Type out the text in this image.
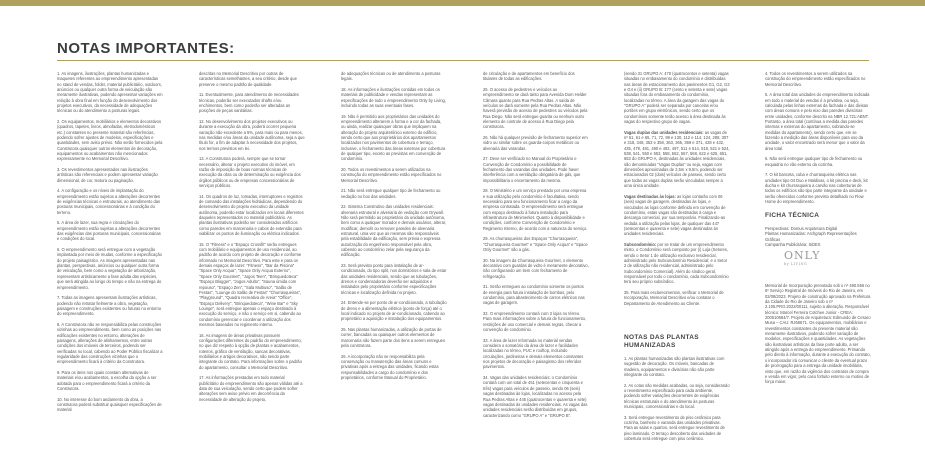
NOTAS IMPORTANTES:

1. As imagens, ilustrações, plantas humanizadas e maquetes referentes ao empreendimento apresentadas no stand de vendas, folder, material publicitário, outdoors, anúncios ou qualquer outra forma de veiculação são meramente ilustrativas, podendo apresentar variações em relação à obra final em função do desenvolvimento dos projetos executivos, da necessidade de adequações técnicas ou do atendimento a posturas legais.

2. Os equipamentos, mobiliários e elementos decorativos (quadros, tapetes, livros, almofadas, eletrodomésticos etc.) constantes no presente material são referências, podendo sofrer ajustes de modelos, especificações e quantidades, sem aviso prévio. Não serão fornecidos pela Construtora quaisquer outros elementos de decoração, equipamentos ou acabamentos não mencionados expressamente no Memorial Descritivo.

3. Os revestimentos apresentados nas ilustrações artísticas são referenciais e podem apresentar variação dimensional, de cor, textura ou paginação.

4. A configuração e os níveis de implantação do empreendimento estão sujeitos a alterações decorrentes de exigências técnicas e estruturais, ao atendimento das posturas municipais, concessionárias e à condição do terreno.

5. A área de lazer, sua regra e circulações do empreendimento estão sujeitas a alterações decorrentes das exigências das posturas municipais, concessionárias e condições do local.

6. O empreendimento será entregue com a vegetação implantada por meio de mudas, conforme a especificação do projeto paisagístico. As imagens apresentadas nas plantas, perspectivas, anúncios ou qualquer outra forma de veiculação, bem como a vegetação de arborização, representam artisticamente a fase adulta das espécies, que será atingida ao longo do tempo e não na entrega do empreendimento.

7. Todas as imagens apresentam ilustrações artísticas, podendo não retratar fielmente a obra, vegetação, paisagem e construções existentes ou futuras no entorno do empreendimento.

8. A Construtora não se responsabiliza pelas construções vizinhas ao empreendimento, bem como as posições nas edificações existentes no entorno, alterações de paisagens, alterações de alinhamentos, entre outras condições dos imóveis de terceiros, podendo ser verificadas no local, cabendo ao Poder Público fiscalizar a regularidade das construções vizinhas que o empreendimento ficará à critério da Construtora.

9. Para os itens nos quais constam alternativas de materiais e/ou acabamentos, a escolha da opção a ser adotada para o empreendimento ficará a critério da Construtora.

10. No interesse do bom andamento da obra, a construtora poderá substituir quaisquer especificações de material

descritas no Memorial Descritivo por outras de características semelhantes, a seu critério, desde que preserve o mesmo padrão de qualidade.

11. Eventualmente, para atendimento de necessidades técnicas, poderão ser executados shafts e/ou enchimentos, bem como poderão ser alteradas as posições de peças sanitárias.

12. No desenvolvimento dos projetos executivos ou durante a execução da obra, poderá ocorrer pequena variação não excedente a 5%, para mais ou para menos, nas medidas e/ou áreas da unidade autônoma, seja a que título for, a fim de adaptar à necessidade dos projetos, nos termos previstos em lei.

13. A Construtora poderá, sempre que se tornar necessário, alterar o projeto executivo do imóvel, em razão de imposição de boas normas técnicas de execução da obra ou de determinação ou exigência dos órgãos públicos ou de empresas concessionárias de serviços públicos.

14. Os quadros de luz, tomadas, interruptores e registros de comando das instalações hidráulicas, dependendo do desenvolvimento do projeto executivo da unidade autônoma, poderão estar localizados em locais diferentes daqueles representados no material publicitário. As plantas ilustrativas poderão ser considerados artifícios como paredes em marcenaria e cabos de extensão para viabilizar os pontos de iluminação ou elétrica indicados.

15. O "Fitness" e o "Espaço Crossfit" serão entregues com mobiliário e equipamentos de uso residencial, ao padrão de acordo com projeto de decoração e conforme informado no Memorial Descritivo. Para este e para os demais espaços de lazer: "Fitness", "Bar da Piscina" "Space Only Acqua", "Space Only Acqua Externo", "Space Only Gourmet", "Jogos Teen", "Brinquedoteca" "Espaço Blogger", "Jogos Adulto", "Sauna úmida com repouso", "Espaço Zen", "Sala Multiuso", "Salão de Festas", "Lounge do Salão de Festas" "Churrasqueiras", "Playground", "Quadra recreativa de Areia" "Office", "Espaço Delivery", "Brinquedoteca", "Wine Bar" e "Sky Lounge", será entregue apenas o espaço destinado à execução do serviço, e não o serviço em si, cabendo ao condomínio gerenciar e coordenar a utilização dos mesmos baseados no regimento interno.

16. As imagens de áreas privativas possuem configurações diferentes do padrão do empreendimento, no que diz respeito à opção de plantas e acabamentos, roteiros, gráfico de ventilação, sancas decorativas, mobiliários e artigos decorativos, não sendo parte integrante do contrato. Para informações sobre o padrão do apartamento, consultar o Memorial Descritivo.

17. As informações prestadas em todo material publicitário do empreendimento são apenas válidas até a data de sua veiculação, sendo certo que podem sofrer alterações sem aviso prévio em decorrência da necessidade de alteração do projeto,

de adequações técnicas ou de atendimento a posturas legais.

18. As informações e ilustrações contidas em todos os materiais de publicidade e vendas representam as especificações de todo o empreendimento Only by Living, incluindo todas as suas eventuais fases.

19. Não é permitido aos proprietários das unidades do empreendimento alterarem a forma e a cor da fachada, ou ainda, realizar quaisquer obras que impliquem na alteração do projeto arquitetônico externo do edifício, sendo certo que aos proprietários dos apartamentos localizados nos pavimentos de cobertura e terraço, inclusive, o fechamento das áreas externas por cobertura de qualquer tipo, exceto as previstas em convenção de condomínio.

20. Todos os revestimentos a serem utilizados na construção do empreendimento estão especificados no Memorial Descritivo.

21. Não será entregue qualquer tipo de fechamento ou vedação no box das unidades.

22. Sistema Construtivo das unidades residenciais: alvenaria estrutural e alvenaria de vedação com Drywall. Não será permitido ao proprietário da unidade autônoma, bem como a qualquer morador e demais usuários, alterar, modificar, demolir ou remover paredes de alvenaria estrutural, uma vez que as mesmas são responsáveis pela estabilidade da edificação, sem prévia e expressa autorização do engenheiro responsável pela obra, cabendo ao condomínio zelar pela segurança da edificação.

23. Será previsto ponto para instalação de ar-condicionado, do tipo split, nos dormitórios e sala de estar das unidades residenciais, sendo que as tubulações, drenos e condensadoras deverão ser adquiridos e instalados pelo proprietário conforme especificações técnicas e localização definida no projeto.

24. Entende-se por ponto de ar-condicionado, a tubulação de dreno e a alimentação elétrica (ponto de força) até o local indicado no projeto de ar-condicionado, cabendo ao proprietário a aquisição e instalação dos equipamentos.

25. Nas plantas humanizadas, a utilização de portas de correr, bancadas ou quaisquer outros elementos de marcenaria não fazem parte dos itens a serem entregues pela construtora.

26. A incorporação não se responsabiliza pela conservação ou manutenção das áreas comuns e privativas após a entrega das unidades, ficando estas responsabilidades a cargo do condomínio e dos proprietários, conforme Manual do Proprietário.

de circulação e de apartamentos em benefício dos titulares de todas as edificações.

25. O acesso de pedestres e veículos ao empreendimento se dará tanto para Avenida Dom Helder Câmara quanto para Rua Pedras Altas. A saída de veículos se dará somente pela Rua Pedras Altas. Não haverá previsão de acesso de pedestres ou veículos pela Rua Diego. Não será entregue guarita ou nenhum outro elemento de controle de acesso à Rua Diego pela construtora.

26. Não há qualquer previsão de fechamento superior em vidro ou similar sobre os guarda-corpos metálicos ou alvenaria das varandas.

27. Deve ser verificado no Manual do Proprietário e Convenção de Condomínio a possibilidade de fechamento das varandas das unidades. Pode haver interferência com a ventilação obrigatória de gás, que impossibilitaria o encerramento da mesma.

28. O Ministério e um serviço prestado por uma empresa e sua utilização pelo condomínio é facultativa, sendo necessário para seu funcionamento ficar a cargo da empresa contratada. O empreendimento será entregue com espaço destinado à futura instalação para infraestrutura de Minimerket. Quanto à disponibilidade e condições, conforme Convenção de Condomínio e Regimento Interno, de acordo com a natureza do serviço.

29. As churrasqueiras dos Espaços "Churrasqueira", "Churrasqueira Gourmet" e "Space Only Acqua" e "Space Only Gourmet" são a gás.

30. Na imagem da Churrasqueira Gourmet, o elemento decorativo com guardas de vidro é meramente decorativo, não configurando um item com fechamento de refrigeração.

31. Serão entregues ao condomínio somente os pontos de energia para futura instalação de bombas, pelo condomínio, para abastecimento de carros elétricos nas vagas de garagem.

32. O empreendimento contará com 3 lojas no térreo. Para mais informações sobre a futura de funcionamento, restrições de uso comercial e demais regras, checar a convenção de condomínio.

33. A área de lazer informada no material vendas considera o somatório da área de lazer e facilidades localizadas no térreo, PUC e rooftop, incluindo circulações, jardineiras e demais elementos constantes nos projetos de decoração e paisagismo dos referidos pavimentos.

34. Vagas das unidades residenciais: o Condomínio contará com um total de 451 (setecentas e cinquenta e três) vagas para veículos de passeio, sendo 06 (seis) vagas destinadas às lojas, localizadas no acesso pela Rua Pedras Altas e 445 (quatrocentas e quarenta e sete) vagas destinadas às unidades residenciais. As vagas das unidades residenciais serão distribuídas em grupos, caracterizando como "GRUPO A" e "GRUPO B".

(sendo 31 GRUPO A: 470 (quatrocentos e setenta) vagas situadas no embasamento do condomínio e distribuídas nas áreas de estacionamento dos pavimentos G1, G2, G3 e G4 e (ii) GRUPO B: 177 (cento e setenta e sete) vagas situadas fora do embasamento do condomínio, localizadas no térreo. A área da garagem das vagas do "GRUPO A" poderá ser separada por cancelas e/ou portões em grupo eletrônicos, sendo certo que os condomínios somente terão acesso à área destinada às vagas do respectivo grupo de vagas.

Vagas duplas das unidades residenciais: as vagas de nº 51, 61 e 65, 71, 72, 98 e 130, 112 e 114, 124, 288, 307 e 318, 348, 353 e 358, 363, 365, 369 e 371, 428 e 432, 435, 479, 481, 490 e 492, 497, 511 e 514, 518, 521 e 524, 538, 541, 550 e 553, 558, 562, 567, 568, 622 e 625, 651, 653 do GRUPO A, destinadas às unidades residenciais, são denominadas "Vagas Duplas" ou seja, vagas com dimensões aproximadas de 2,5m x 9,5m, podendo ser estacionados 02 (dois) veículos de passeio, sendo certo que todas as vagas duplas serão vinculadas sempre a uma única unidade.

Vagas destinadas às lojas: as lojas contarão com 06 (seis) vagas de garagem, destinadas às lojas, e vinculados as lojas conforme definido em convenção de condomínio, estas vagas são destinadas à carga e descarga comercial, por sua temporário. Finalizando-as vedada a utilização pelas lojas, de qualquer das 447 (setecentas e quarenta e sete) vagas destinadas às unidades residenciais.

Subcondomínio: por se tratar de um empreendimento misto, o Condomínio será composto por (i) Loja (Setores, sendo o Setor 1 de utilização exclusivo residencial, administrado pelo Subcondomínio Residencial; e o Setor 2 de utilização não residencial, administrado pelo Subcondomínio Comercial). Além do síndico geral, responsável por todo o condomínio, cada Subcondomínio terá seu próprio subsíndico.

35. Para mais esclarecimentos, verificar o Memorial de Incorporação, Memorial Descritivo e/ou contatar o Departamento de Atendimento ao Cliente.

4. Todos os revestimentos a serem utilizados na construção do empreendimento estão especificados no Memorial Descritivo.

5. A área total das unidades do empreendimento indicada em todo o material de vendas é a privativa, ou seja, calculada pelas linhas externas da fachada e das divisas com áreas comuns e pelo eixo das paredes divisórias entre unidades, conforme descrito na NBR 12.721:ABNT. Portanto, a área total (contínua a medida das paredes internas e externas do apartamento, sobrando-se medidas do apartamento), sendo certo que, em se fazendo a medição das áreas disponíveis para uso da unidade, o valor encontrado será menor que o valor da área total.

6. Não será entregue qualquer tipo de fechamento ou esquadria no vão externo da cozinha.

7. O kit banceta, cuba e churrasqueira elétrica nas unidades tipo 04 Duo e Maldivas, o kit piscina e deck, kit ducha e kit churrasqueira a carvão nas coberturas de todos os edifícios são tipo parte integrante da unidade e serão oferecidos conforme previsto detalhado no Flow Home do empreendimento.

NOTAS DAS PLANTAS HUMANIZADAS

1. As plantas humanizadas são plantas ilustrativas com sugestão de decoração. Os móveis, bancadas de madeira, equipamentos e divisórias não são parte integrante do contrato.

2. As cotas são medidas acabadas, ou seja, considerando o revestimento especificado para cada ambiente, podendo sofrer variações decorrentes de exigências técnicas estruturais e do atendimento às posturas municipais, concessionárias e do local.

3. Será entregue revestimento de piso cerâmico para cozinha, banheiro e varanda das unidades privativas. Para as salas e quartos, será entregue revestimento de piso laminado. O terraço descoberto das unidades de cobertura será entregue com piso cerâmico.

FICHA TÉCNICA
Perspectivas: Domus Arquitetura Digital
Plantas Humanizadas: Archgraph Representações Gráficas
Campanha Publicitária: SiDES
ONLY
by LIVING

Memorial de Incorporação prenotado sob o nº 490.556 no 6º Serviço Registral de Imóveis do Rio de Janeiro, em 02/08/2023. Projeto de construção aprovado na Prefeitura da Cidade do Rio de Janeiro sob o nº 2.105.PRO.2022/00111, sujeito a alteração. Responsável técnico: Marcel Ferreira Cotchee Junior - CREA: 200510684/7. Projeto de Arquitetura: Edmundo de Cesaro Musa – CAU: RJ66671. Os equipamentos, mobiliários e revestimentos constantes do presente material são meramente ilustrativos, podendo sofrer variação de modelos, especificações e quantidades. As vegetações são ilustrativas artísticas da fase porte adulto, a ser atingido após a entrega do empreendimento. Primando pelo direito à informação, durante a execução do contrato, o incorporador irá comunicar o cliente da eventual prazo de prorrogação para a entrega da unidade imobiliária, visto que, em razão da vigência dos contratos de compra e venda em vigor, pelo caso fortuito externo ou motivo de força maior.
